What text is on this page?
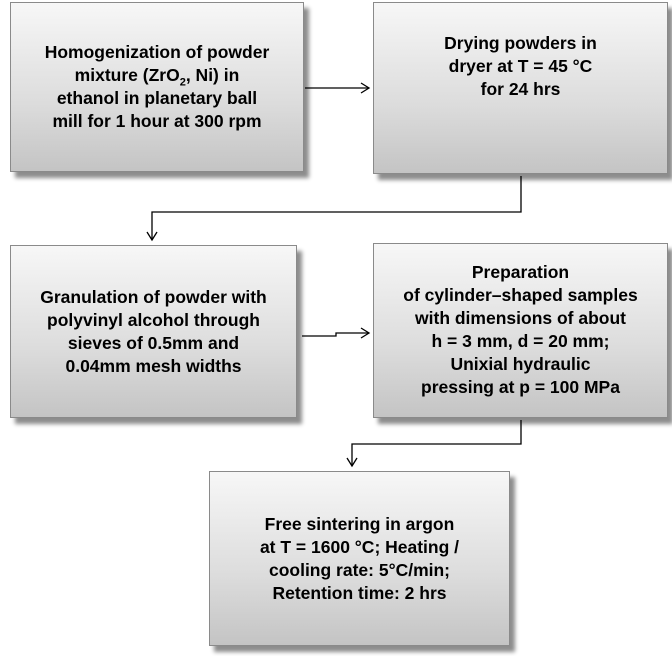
Homogenization of powder
mixture (ZrO$_2$, Ni) in
ethanol in planetary ball
mill for 1 hour at 300 rpm
Drying powders in
dryer at T = 45 °C
for 24 hrs
Granulation of powder with
polyvinyl alcohol through
sieves of 0.5mm and
0.04mm mesh widths
Preparation
of cylinder–shaped samples
with dimensions of about
h = 3 mm, d = 20 mm;
Unixial hydraulic
pressing at p = 100 MPa
Free sintering in argon
at T = 1600 °C; Heating /
cooling rate: 5°C/min;
Retention time: 2 hrs
